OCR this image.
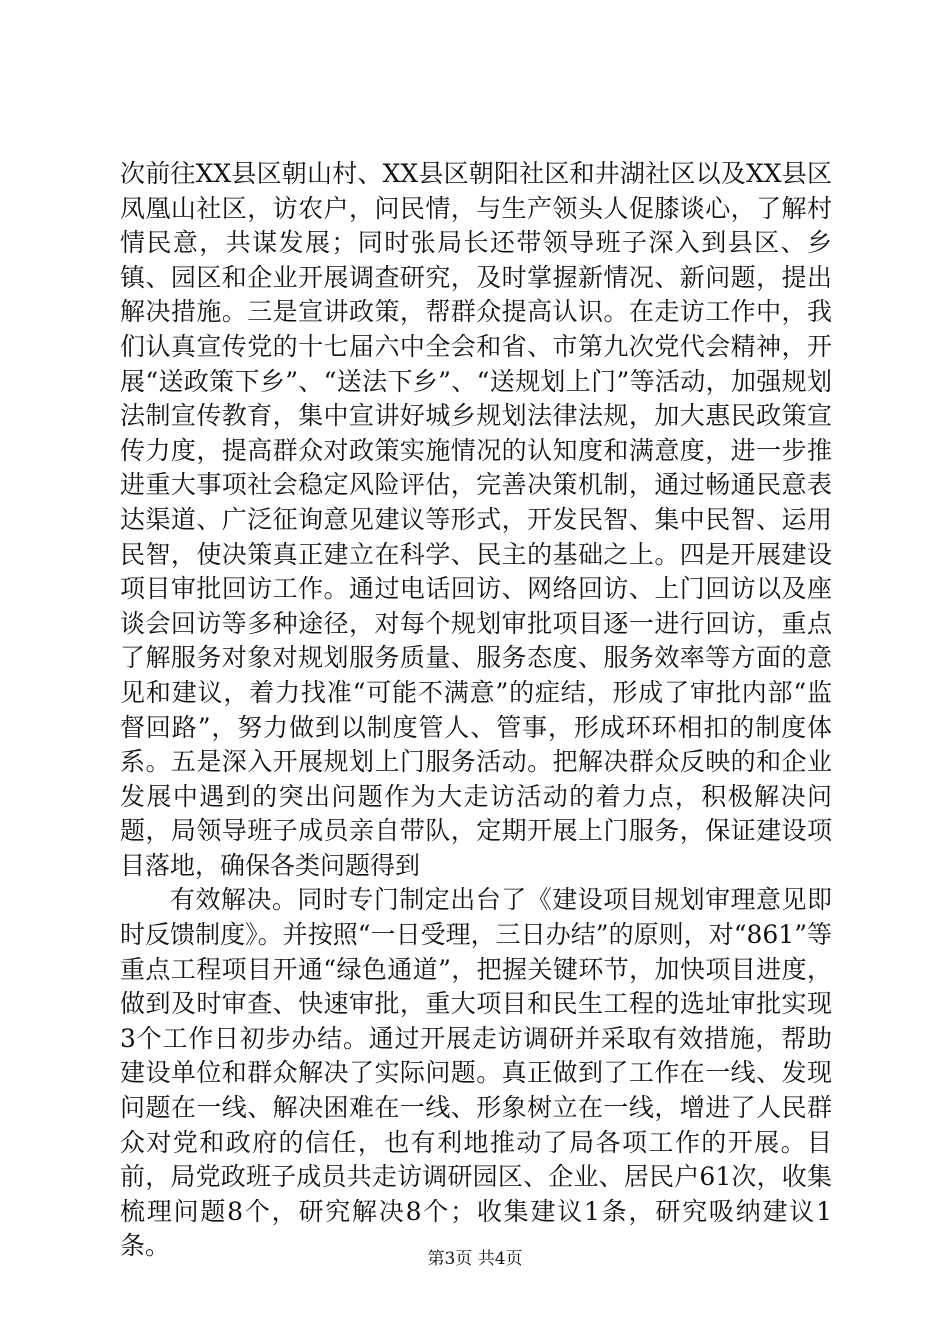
次前往XX县区朝山村、XX县区朝阳社区和井湖社区以及XX县区凤凰山社区，访农户，问民情，与生产领头人促膝谈心，了解村情民意，共谋发展；同时张局长还带领导班子深入到县区、乡镇、园区和企业开展调查研究，及时掌握新情况、新问题，提出解决措施。三是宣讲政策，帮群众提高认识。在走访工作中，我们认真宣传党的十七届六中全会和省、市第九次党代会精神，开展“送政策下乡”、“送法下乡”、“送规划上门”等活动，加强规划法制宣传教育，集中宣讲好城乡规划法律法规，加大惠民政策宣传力度，提高群众对政策实施情况的认知度和满意度，进一步推进重大事项社会稳定风险评估，完善决策机制，通过畅通民意表达渠道、广泛征询意见建议等形式，开发民智、集中民智、运用民智，使决策真正建立在科学、民主的基础之上。四是开展建设项目审批回访工作。通过电话回访、网络回访、上门回访以及座谈会回访等多种途径，对每个规划审批项目逐一进行回访，重点了解服务对象对规划服务质量、服务态度、服务效率等方面的意见和建议，着力找准“可能不满意”的症结，形成了审批内部“监督回路”，努力做到以制度管人、管事，形成环环相扣的制度体系。五是深入开展规划上门服务活动。把解决群众反映的和企业发展中遇到的突出问题作为大走访活动的着力点，积极解决问题，局领导班子成员亲自带队，定期开展上门服务，保证建设项目落地，确保各类问题得到

有效解决。同时专门制定出台了《建设项目规划审理意见即时反馈制度》。并按照“一日受理，三日办结”的原则，对“861”等重点工程项目开通“绿色通道”，把握关键环节，加快项目进度，做到及时审查、快速审批，重大项目和民生工程的选址审批实现3个工作日初步办结。通过开展走访调研并采取有效措施，帮助建设单位和群众解决了实际问题。真正做到了工作在一线、发现问题在一线、解决困难在一线、形象树立在一线，增进了人民群众对党和政府的信任，也有利地推动了局各项工作的开展。目前，局党政班子成员共走访调研园区、企业、居民户61次，收集梳理问题8个，研究解决8个；收集建议1条，研究吸纳建议1条。	第3页 共4页
